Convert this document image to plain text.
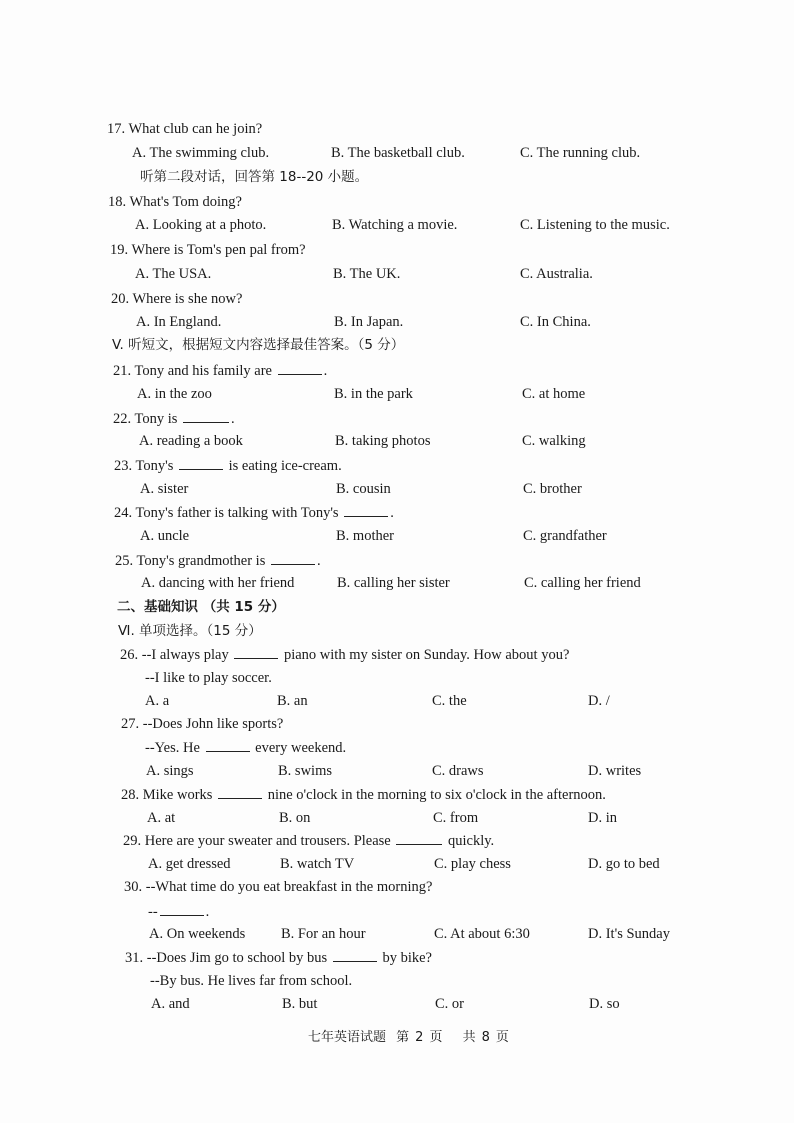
17. What club can he join?
A. The swimming club.	B. The basketball club.	C. The running club.
听第二段对话，回答第 18--20 小题。
18. What's Tom doing?
A. Looking at a photo.	B. Watching a movie.	C. Listening to the music.
19. Where is Tom's pen pal from?
A. The USA.	B. The UK.	C. Australia.
20. Where is she now?
A. In England.	B. In Japan.	C. In China.
V. 听短文，根据短文内容选择最佳答案。（5 分）
21. Tony and his family are	.
A. in the zoo	B. in the park	C. at home
22. Tony is	.
A. reading a book	B. taking photos	C. walking
23. Tony's	is eating ice-cream.
A. sister	B. cousin	C. brother
24. Tony's father is talking with Tony's	.
A. uncle	B. mother	C. grandfather
25. Tony's grandmother is	.
A. dancing with her friend	B. calling her sister	C. calling her friend
二、基础知识 （共 15 分）
Ⅵ. 单项选择。（15 分）
26. --I always play	piano with my sister on Sunday. How about you?
--I like to play soccer.
A. a	B. an	C. the	D. /
27. --Does John like sports?
--Yes. He	every weekend.
A. sings	B. swims	C. draws	D. writes
28. Mike works	nine o'clock in the morning to six o'clock in the afternoon.
A. at	B. on	C. from	D. in
29. Here are your sweater and trousers. Please	quickly.
A. get dressed	B. watch TV	C. play chess	D. go to bed
30. --What time do you eat breakfast in the morning?
--	.
A. On weekends B. For an hour	C. At about 6:30	D. It's Sunday
31. --Does Jim go to school by bus	by bike?
--By bus. He lives far from school.
A. and	B. but	C. or	D. so
七年英语试题 第 2 页 共 8 页
